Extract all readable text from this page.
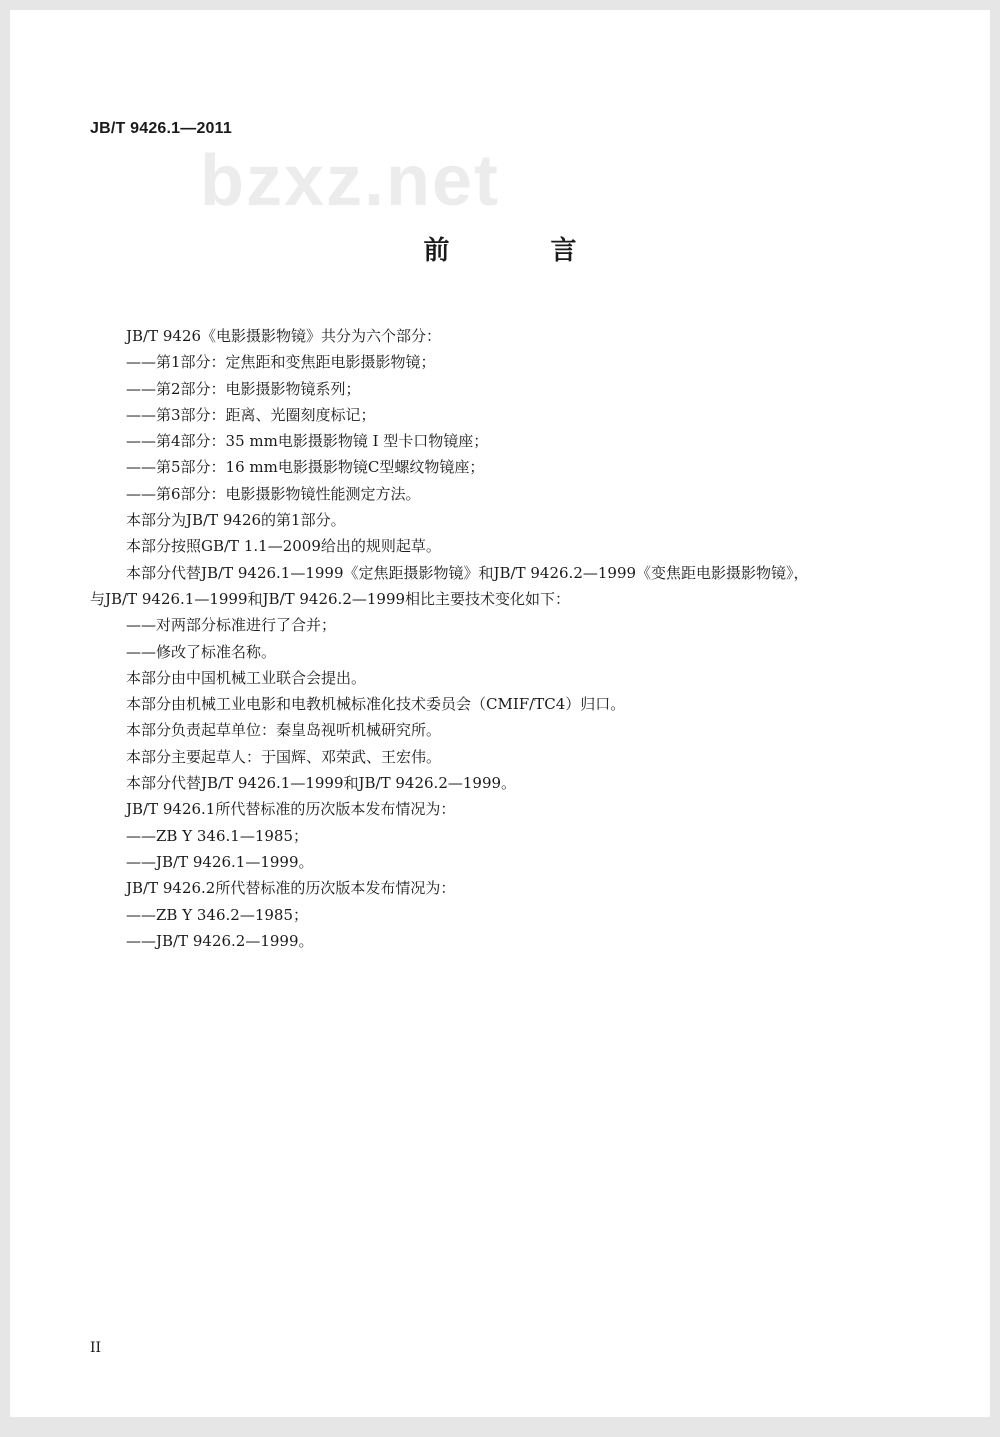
JB/T 9426.1—2011
bzxz.net
前 言
JB/T 9426《电影摄影物镜》共分为六个部分：
——第1部分：定焦距和变焦距电影摄影物镜；
——第2部分：电影摄影物镜系列；
——第3部分：距离、光圈刻度标记；
——第4部分：35 mm电影摄影物镜 I 型卡口物镜座；
——第5部分：16 mm电影摄影物镜C型螺纹物镜座；
——第6部分：电影摄影物镜性能测定方法。
本部分为JB/T 9426的第1部分。
本部分按照GB/T 1.1—2009给出的规则起草。
本部分代替JB/T 9426.1—1999《定焦距摄影物镜》和JB/T 9426.2—1999《变焦距电影摄影物镜》，
与JB/T 9426.1—1999和JB/T 9426.2—1999相比主要技术变化如下：
——对两部分标准进行了合并；
——修改了标准名称。
本部分由中国机械工业联合会提出。
本部分由机械工业电影和电教机械标准化技术委员会（CMIF/TC4）归口。
本部分负责起草单位：秦皇岛视听机械研究所。
本部分主要起草人：于国辉、邓荣武、王宏伟。
本部分代替JB/T 9426.1—1999和JB/T 9426.2—1999。
JB/T 9426.1所代替标准的历次版本发布情况为：
——ZB Y 346.1—1985；
——JB/T 9426.1—1999。
JB/T 9426.2所代替标准的历次版本发布情况为：
——ZB Y 346.2—1985；
——JB/T 9426.2—1999。
II
